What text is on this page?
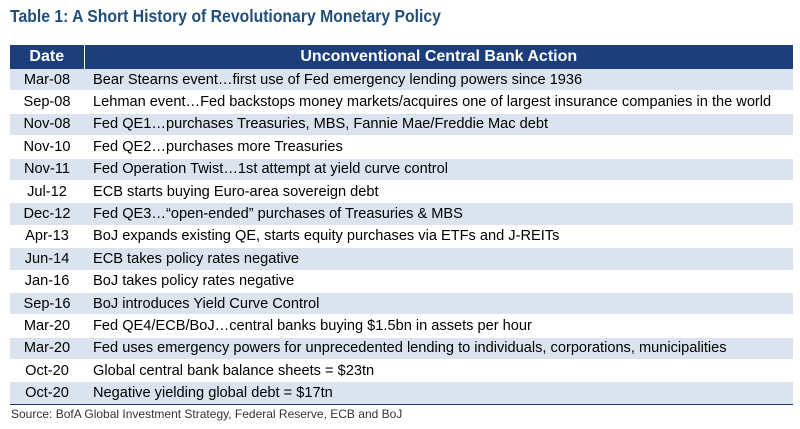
Table 1: A Short History of Revolutionary Monetary Policy
Date	Unconventional Central Bank Action
Mar-08	Bear Stearns event…first use of Fed emergency lending powers since 1936
Sep-08	Lehman event…Fed backstops money markets/acquires one of largest insurance companies in the world
Nov-08	Fed QE1…purchases Treasuries, MBS, Fannie Mae/Freddie Mac debt
Nov-10	Fed QE2…purchases more Treasuries
Nov-11	Fed Operation Twist…1st attempt at yield curve control
Jul-12	ECB starts buying Euro-area sovereign debt
Dec-12	Fed QE3…“open-ended” purchases of Treasuries & MBS
Apr-13	BoJ expands existing QE, starts equity purchases via ETFs and J-REITs
Jun-14	ECB takes policy rates negative
Jan-16	BoJ takes policy rates negative
Sep-16	BoJ introduces Yield Curve Control
Mar-20	Fed QE4/ECB/BoJ…central banks buying $1.5bn in assets per hour
Mar-20	Fed uses emergency powers for unprecedented lending to individuals, corporations, municipalities
Oct-20	Global central bank balance sheets = $23tn
Oct-20	Negative yielding global debt = $17tn
Source: BofA Global Investment Strategy, Federal Reserve, ECB and BoJ
